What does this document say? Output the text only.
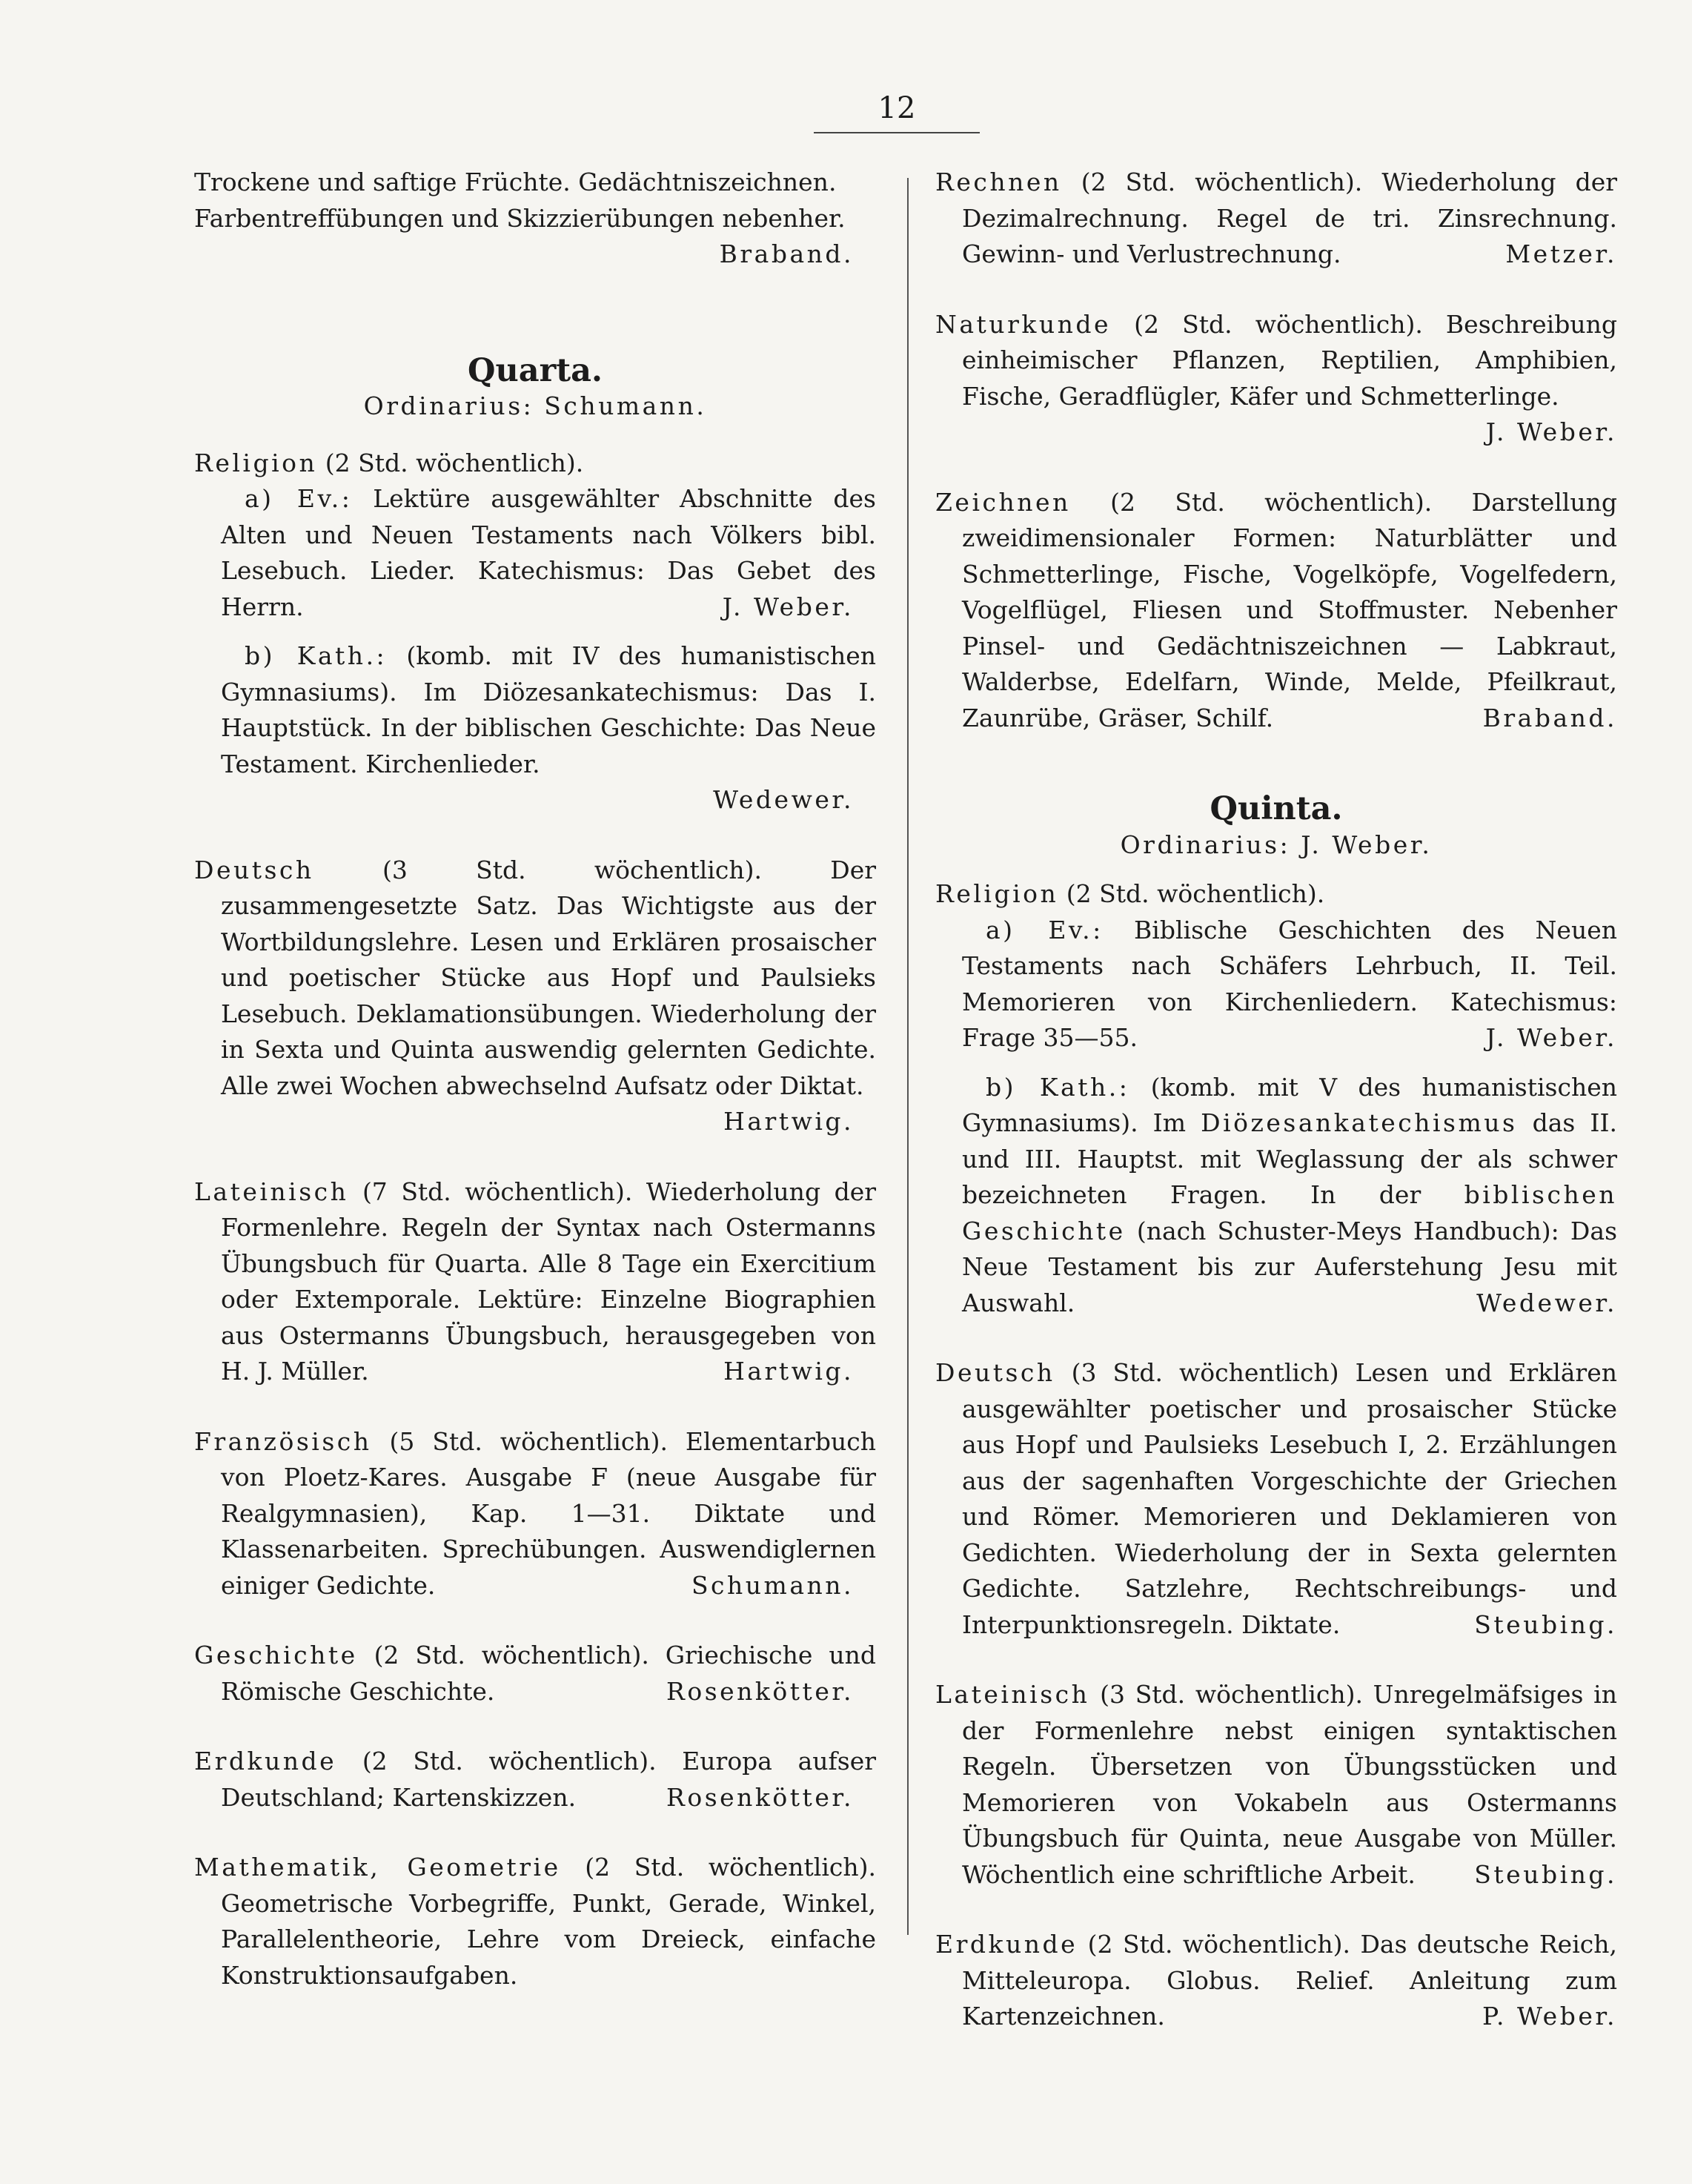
12

Trockene und saftige Früchte. Gedächtniszeichnen.

Farbentreffübungen und Skizzierübungen nebenher.

Braband.

Quarta.

Ordinarius: Schumann.

Religion (2 Std. wöchentlich).

a) Ev.: Lektüre ausgewählter Abschnitte des Alten und Neuen Testaments nach Völkers bibl. Lesebuch. Lieder. Katechismus: Das Gebet des Herrn.	J. Weber.

b) Kath.: (komb. mit IV des humanistischen Gymnasiums). Im Diözesankatechismus: Das I. Hauptstück. In der biblischen Geschichte: Das Neue Testament. Kirchenlieder.

Wedewer.

Deutsch	(3 Std. wöchentlich). Der zusammengesetzte Satz. Das Wichtigste aus der Wortbildungslehre. Lesen und Erklären prosaischer und poetischer Stücke aus Hopf und Paulsieks Lesebuch. Deklamationsübungen. Wiederholung der in Sexta und Quinta auswendig gelernten Gedichte. Alle zwei Wochen abwechselnd Aufsatz oder Diktat.

Hartwig.

Lateinisch (7 Std. wöchentlich). Wiederholung der Formenlehre. Regeln der Syntax nach Ostermanns Übungsbuch für Quarta. Alle 8 Tage ein Exercitium oder Extemporale. Lektüre: Einzelne Biographien aus Ostermanns Übungsbuch, herausgegeben von H. J. Müller.	Hartwig.

Französisch (5 Std. wöchentlich). Elementarbuch von Ploetz-Kares. Ausgabe F (neue Ausgabe für Realgymnasien), Kap. 1—31. Diktate und Klassenarbeiten. Sprechübungen. Auswendiglernen einiger Gedichte.	Schumann.

Geschichte (2 Std. wöchentlich). Griechische und Römische Geschichte.	Rosenkötter.

Erdkunde (2 Std. wöchentlich). Europa aufser Deutschland; Kartenskizzen.	Rosenkötter.

Mathematik, Geometrie (2 Std. wöchentlich). Geometrische Vorbegriffe, Punkt, Gerade, Winkel, Parallelentheorie, Lehre vom Dreieck, einfache Konstruktionsaufgaben.

Rechnen (2 Std. wöchentlich). Wiederholung der Dezimalrechnung. Regel de tri. Zinsrechnung. Gewinn- und Verlustrechnung.	Metzer.

Naturkunde (2 Std. wöchentlich). Beschreibung einheimischer Pflanzen, Reptilien, Amphibien, Fische, Geradflügler, Käfer und Schmetterlinge.

J. Weber.

Zeichnen (2 Std. wöchentlich). Darstellung zweidimensionaler Formen: Naturblätter und Schmetterlinge, Fische, Vogelköpfe, Vogelfedern, Vogelflügel, Fliesen und Stoffmuster. Nebenher Pinsel- und Gedächtniszeichnen — Labkraut, Walderbse, Edelfarn, Winde, Melde, Pfeilkraut, Zaunrübe, Gräser, Schilf.	Braband.

Quinta.

Ordinarius: J. Weber.

Religion (2 Std. wöchentlich).

a) Ev.: Biblische Geschichten des Neuen Testaments nach Schäfers Lehrbuch, II. Teil. Memorieren von Kirchenliedern. Katechismus: Frage 35—55.	J. Weber.

b) Kath.: (komb. mit V des humanistischen Gymnasiums). Im Diözesankatechismus das II. und III. Hauptst. mit Weglassung der als schwer bezeichneten Fragen. In der biblischen Geschichte (nach Schuster-Meys Handbuch): Das Neue Testament bis zur Auferstehung Jesu mit Auswahl.	Wedewer.

Deutsch (3 Std. wöchentlich) Lesen und Erklären ausgewählter poetischer und prosaischer Stücke aus Hopf und Paulsieks Lesebuch I, 2. Erzählungen aus der sagenhaften Vorgeschichte der Griechen und Römer. Memorieren und Deklamieren von Gedichten. Wiederholung der in Sexta gelernten Gedichte. Satzlehre, Rechtschreibungs- und Interpunktionsregeln. Diktate.	Steubing.

Lateinisch (3 Std. wöchentlich). Unregelmäfsiges in der Formenlehre nebst einigen syntaktischen Regeln. Übersetzen von Übungsstücken und Memorieren von Vokabeln aus Ostermanns Übungsbuch für Quinta, neue Ausgabe von Müller. Wöchentlich eine schriftliche Arbeit.	Steubing.

Erdkunde (2 Std. wöchentlich). Das deutsche Reich, Mitteleuropa. Globus. Relief. Anleitung zum Kartenzeichnen.	P. Weber.
